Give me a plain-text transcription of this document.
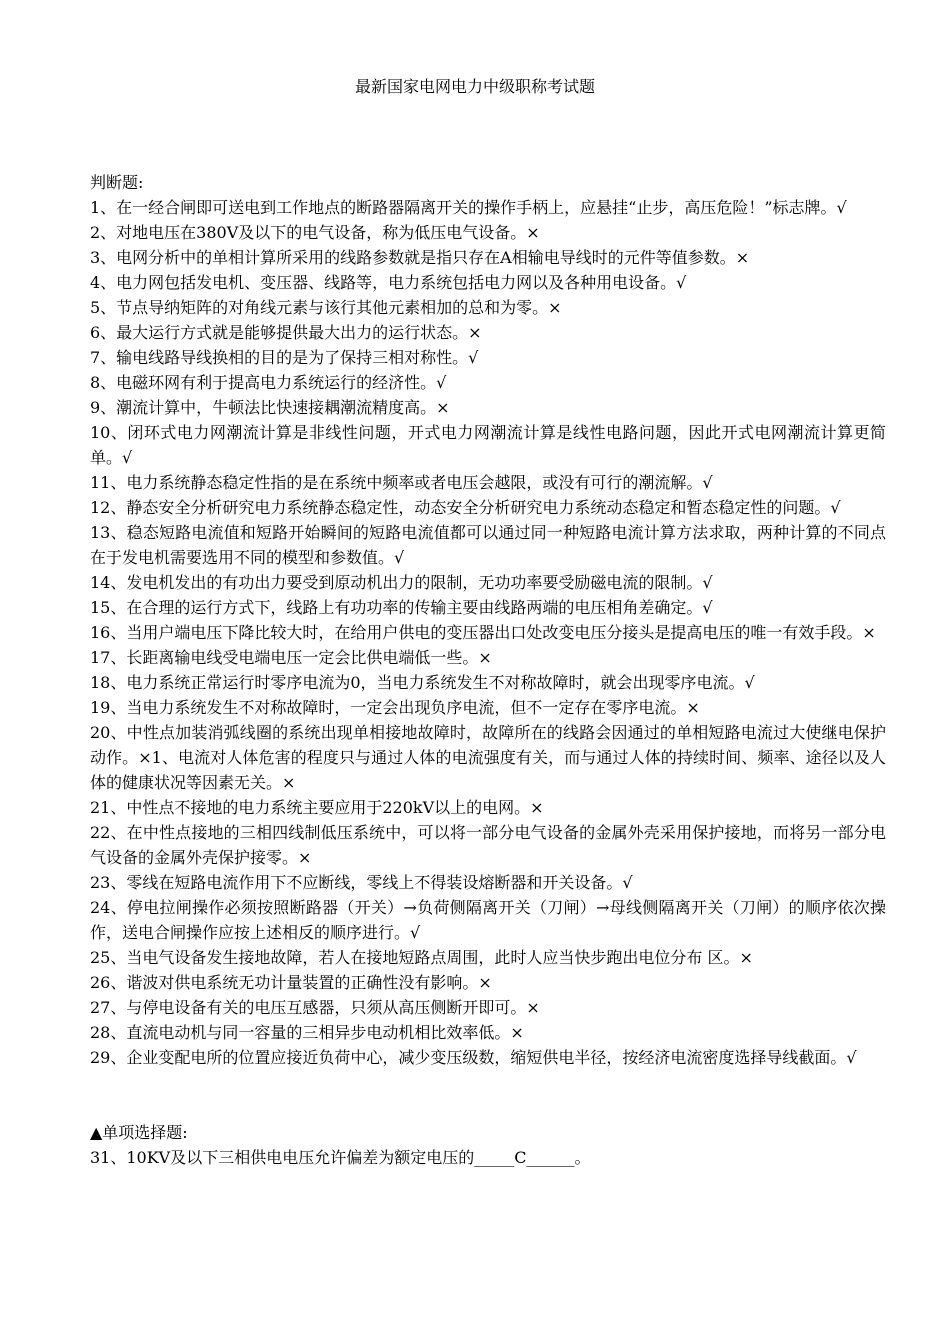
最新国家电网电力中级职称考试题

判断题:

1、在一经合闸即可送电到工作地点的断路器隔离开关的操作手柄上，应悬挂“止步，高压危险！”标志牌。√
2、对地电压在380V及以下的电气设备，称为低压电气设备。×
3、电网分析中的单相计算所采用的线路参数就是指只存在A相输电导线时的元件等值参数。×
4、电力网包括发电机、变压器、线路等，电力系统包括电力网以及各种用电设备。√
5、节点导纳矩阵的对角线元素与该行其他元素相加的总和为零。×
6、最大运行方式就是能够提供最大出力的运行状态。×
7、输电线路导线换相的目的是为了保持三相对称性。√
8、电磁环网有利于提高电力系统运行的经济性。√
9、潮流计算中，牛顿法比快速接耦潮流精度高。×
10、闭环式电力网潮流计算是非线性问题，开式电力网潮流计算是线性电路问题，因此开式电网潮流计算更简单。√
11、电力系统静态稳定性指的是在系统中频率或者电压会越限，或没有可行的潮流解。√
12、静态安全分析研究电力系统静态稳定性，动态安全分析研究电力系统动态稳定和暂态稳定性的问题。√
13、稳态短路电流值和短路开始瞬间的短路电流值都可以通过同一种短路电流计算方法求取，两种计算的不同点在于发电机需要选用不同的模型和参数值。√
14、发电机发出的有功出力要受到原动机出力的限制，无功功率要受励磁电流的限制。√
15、在合理的运行方式下，线路上有功功率的传输主要由线路两端的电压相角差确定。√
16、当用户端电压下降比较大时，在给用户供电的变压器出口处改变电压分接头是提高电压的唯一有效手段。×
17、长距离输电线受电端电压一定会比供电端低一些。×
18、电力系统正常运行时零序电流为0，当电力系统发生不对称故障时，就会出现零序电流。√
19、当电力系统发生不对称故障时，一定会出现负序电流，但不一定存在零序电流。×
20、中性点加装消弧线圈的系统出现单相接地故障时，故障所在的线路会因通过的单相短路电流过大使继电保护动作。×1、电流对人体危害的程度只与通过人体的电流强度有关，而与通过人体的持续时间、频率、途径以及人体的健康状况等因素无关。×
21、中性点不接地的电力系统主要应用于220kV以上的电网。×
22、在中性点接地的三相四线制低压系统中，可以将一部分电气设备的金属外壳采用保护接地，而将另一部分电气设备的金属外壳保护接零。×
23、零线在短路电流作用下不应断线，零线上不得装设熔断器和开关设备。√
24、停电拉闸操作必须按照断路器（开关）→负荷侧隔离开关（刀闸）→母线侧隔离开关（刀闸）的顺序依次操作，送电合闸操作应按上述相反的顺序进行。√
25、当电气设备发生接地故障，若人在接地短路点周围，此时人应当快步跑出电位分布 区。×
26、谐波对供电系统无功计量装置的正确性没有影响。×
27、与停电设备有关的电压互感器，只须从高压侧断开即可。×
28、直流电动机与同一容量的三相异步电动机相比效率低。×
29、企业变配电所的位置应接近负荷中心，减少变压级数，缩短供电半径，按经济电流密度选择导线截面。√

▲单项选择题:

31、10KV及以下三相供电电压允许偏差为额定电压的_____C______。
